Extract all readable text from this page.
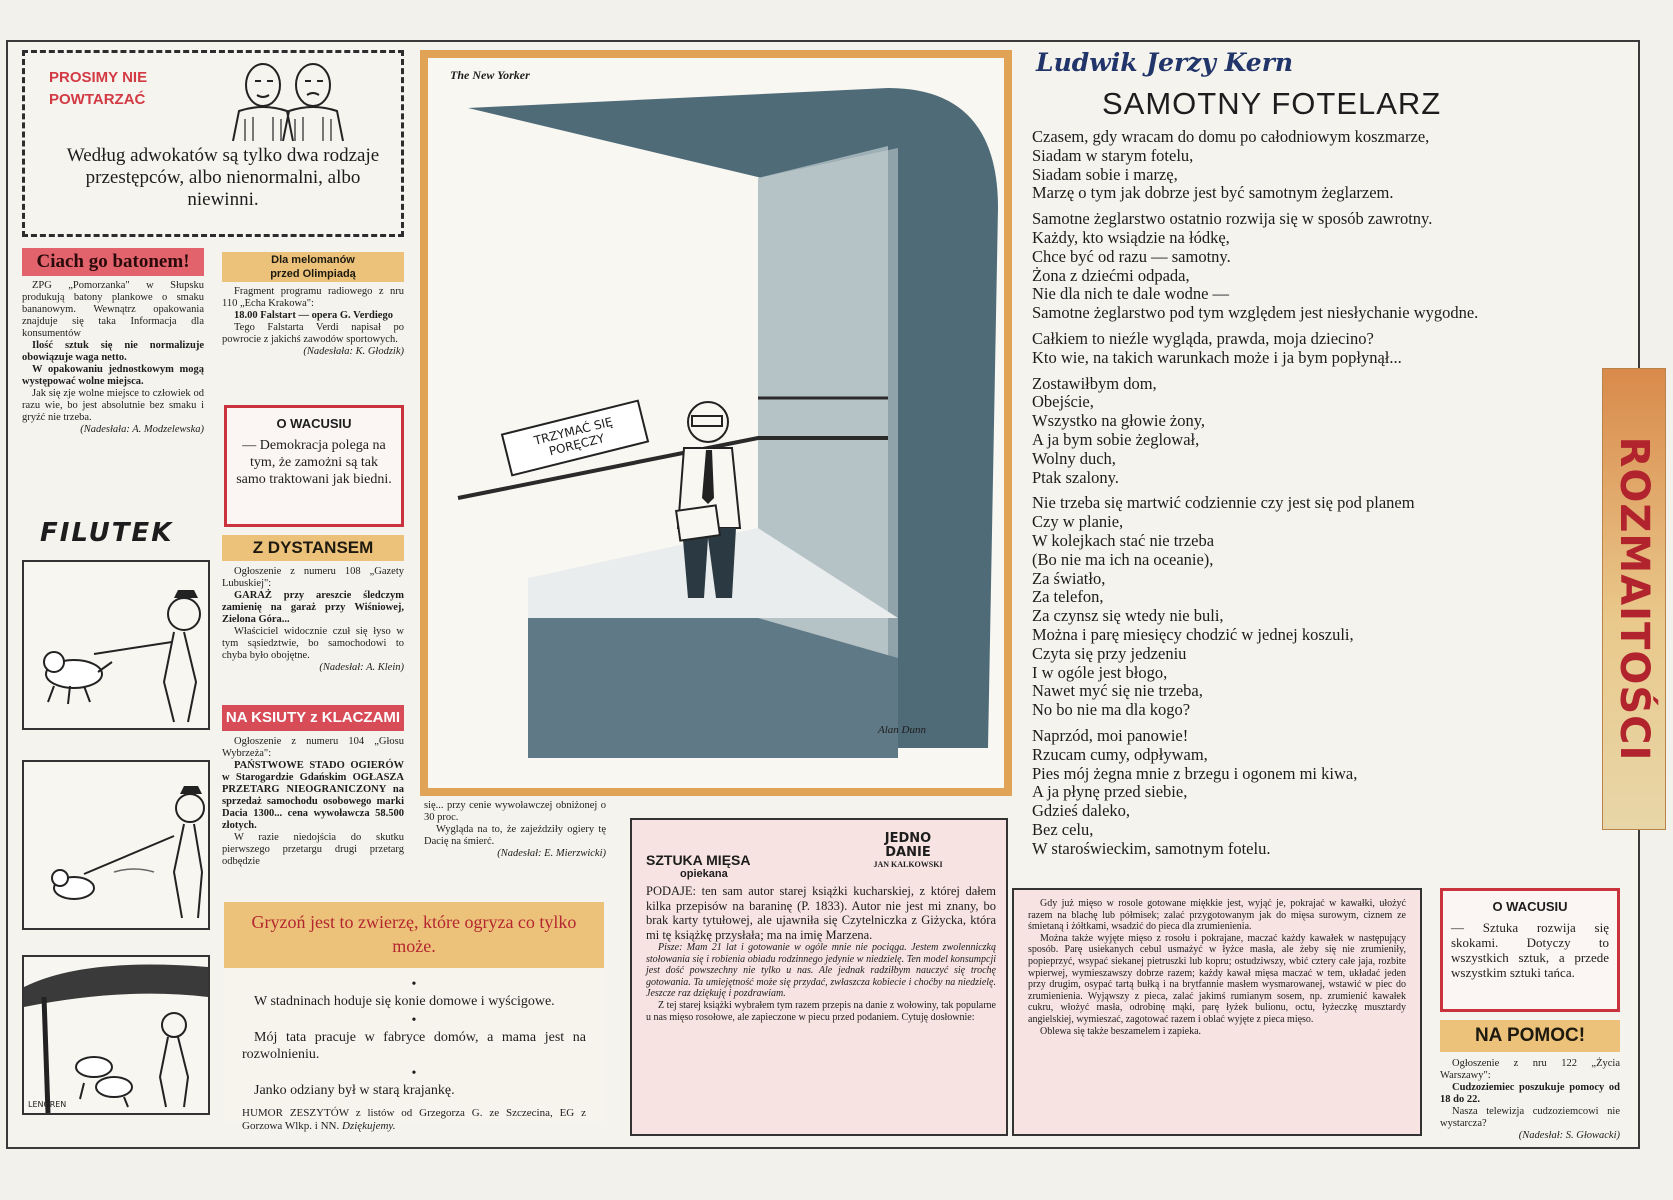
PROSIMY NIE
POWTARZAĆ
Według adwokatów są tylko dwa rodzaje przestępców, albo nienormalni, albo niewinni.
Ciach go batonem!

ZPG „Pomorzanka" w Słupsku produkują batony plankowe o smaku bananowym. Wewnątrz opakowania znajduje się taka Informacja dla konsumentów

Ilość sztuk się nie normalizuje obowiązuje waga netto.

W opakowaniu jednostkowym mogą występować wolne miejsca.

Jak się zje wolne miejsce to człowiek od razu wie, bo jest absolutnie bez smaku i gryźć nie trzeba.

(Nadesłała: A. Modzelewska)

FILUTEK
LENGREN
Dla melomanów
przed Olimpiadą

Fragment programu radiowego z nru 110 „Echa Krakowa":

18.00 Falstart — opera G. Verdiego

Tego Falstarta Verdi napisał po powrocie z jakichś zawodów sportowych.

(Nadesłała: K. Głodzik)

O WACUSIU
— Demokracja polega na tym, że zamożni są tak samo traktowani jak biedni.
Z DYSTANSEM

Ogłoszenie z numeru 108 „Gazety Lubuskiej":

GARAŻ przy areszcie śledczym zamienię na garaż przy Wiśniowej, Zielona Góra...

Właściciel widocznie czuł się łyso w tym sąsiedztwie, bo samochodowi to chyba było obojętne.

(Nadesłał: A. Klein)

NA KSIUTY z KLACZAMI

Ogłoszenie z numeru 104 „Głosu Wybrzeża":

PAŃSTWOWE STADO OGIERÓW w Starogardzie Gdańskim OGŁASZA PRZETARG NIEOGRANICZONY na sprzedaż samochodu osobowego marki Dacia 1300... cena wywoławcza 58.500 złotych.

W razie niedojścia do skutku pierwszego przetargu drugi przetarg odbędzie

się... przy cenie wywoławczej obniżonej o 30 proc.

Wygląda na to, że zajeździły ogiery tę Dacię na śmierć.

(Nadesłał: E. Mierzwicki)

Gryzoń jest to zwierzę, które ogryza co tylko może.
•

W stadninach hoduje się konie domowe i wyścigowe.

•

Mój tata pracuje w fabryce domów, a mama jest na rozwolnieniu.

•

Janko odziany był w starą krajankę.

HUMOR ZESZYTÓW z listów od Grzegorza G. ze Szczecina, EG z Gorzowa Wlkp. i NN. Dziękujemy.
The New Yorker
TRZYMAĆ SIĘ PORĘCZY
Alan Dunn
Ludwik Jerzy Kern
SAMOTNY FOTELARZ
Czasem, gdy wracam do domu po całodniowym koszmarze,
Siadam w starym fotelu,
Siadam sobie i marzę,
Marzę o tym jak dobrze jest być samotnym żeglarzem.
Samotne żeglarstwo ostatnio rozwija się w sposób zawrotny.
Każdy, kto wsiądzie na łódkę,
Chce być od razu — samotny.
Żona z dziećmi odpada,
Nie dla nich te dale wodne —
Samotne żeglarstwo pod tym względem jest niesłychanie wygodne.
Całkiem to nieźle wygląda, prawda, moja dziecino?
Kto wie, na takich warunkach może i ja bym popłynął...
Zostawiłbym dom,
Obejście,
Wszystko na głowie żony,
A ja bym sobie żeglował,
Wolny duch,
Ptak szalony.
Nie trzeba się martwić codziennie czy jest się pod planem
Czy w planie,
W kolejkach stać nie trzeba
(Bo nie ma ich na oceanie),
Za światło,
Za telefon,
Za czynsz się wtedy nie buli,
Można i parę miesięcy chodzić w jednej koszuli,
Czyta się przy jedzeniu
I w ogóle jest błogo,
Nawet myć się nie trzeba,
No bo nie ma dla kogo?
Naprzód, moi panowie!
Rzucam cumy, odpływam,
Pies mój żegna mnie z brzegu i ogonem mi kiwa,
A ja płynę przed siebie,
Gdzieś daleko,
Bez celu,
W staroświeckim, samotnym fotelu.
ROZMAITOŚCI
SZTUKA MIĘSA
opiekana
JEDNO DANIE
JAN KALKOWSKI

PODAJE: ten sam autor starej książki kucharskiej, z której dałem kilka przepisów na baraninę (P. 1833). Autor nie jest mi znany, bo brak karty tytułowej, ale ujawniła się Czytelniczka z Giżycka, która mi tę książkę przysłała; ma na imię Marzena.

Pisze: Mam 21 lat i gotowanie w ogóle mnie nie pociąga. Jestem zwolenniczką stołowania się i robienia obiadu rodzinnego jedynie w niedzielę. Ten model konsumpcji jest dość powszechny nie tylko u nas. Ale jednak radziłbym nauczyć się trochę gotowania. Ta umiejętność może się przydać, zwłaszcza kobiecie i choćby na niedzielę. Jeszcze raz dziękuję i pozdrawiam.

Z tej starej książki wybrałem tym razem przepis na danie z wołowiny, tak popularne u nas mięso rosołowe, ale zapieczone w piecu przed podaniem. Cytuję dosłownie:

Gdy już mięso w rosole gotowane miękkie jest, wyjąć je, pokrajać w kawałki, ułożyć razem na blachę lub półmisek; zalać przygotowanym jak do mięsa surowym, ciznem ze śmietaną i żółtkami, wsadzić do pieca dla zrumienienia.

Można także wyjęte mięso z rosołu i pokrajane, maczać każdy kawałek w następujący sposób. Parę usiekanych cebul usmażyć w łyżce masła, ale żeby się nie zrumieniły, popieprzyć, wsypać siekanej pietruszki lub kopru; ostudziwszy, wbić cztery całe jaja, rozbite wpierwej, wymieszawszy dobrze razem; każdy kawał mięsa maczać w tem, układać jeden przy drugim, osypać tartą bułką i na brytfannie masłem wysmarowanej, wstawić w piec do zrumienienia. Wyjąwszy z pieca, zalać jakimś rumianym sosem, np. zrumienić kawałek cukru, włożyć masła, odrobinę mąki, parę łyżek bulionu, octu, łyżeczkę musztardy angielskiej, wymieszać, zagotować razem i oblać wyjęte z pieca mięso.

Oblewa się także beszamelem i zapieka.

O WACUSIU
— Sztuka rozwija się skokami. Dotyczy to wszystkich sztuk, a przede wszystkim sztuki tańca.
NA POMOC!

Ogłoszenie z nru 122 „Życia Warszawy":

Cudzoziemiec poszukuje pomocy od 18 do 22.

Nasza telewizja cudzoziemcowi nie wystarcza?

(Nadesłał: S. Głowacki)
